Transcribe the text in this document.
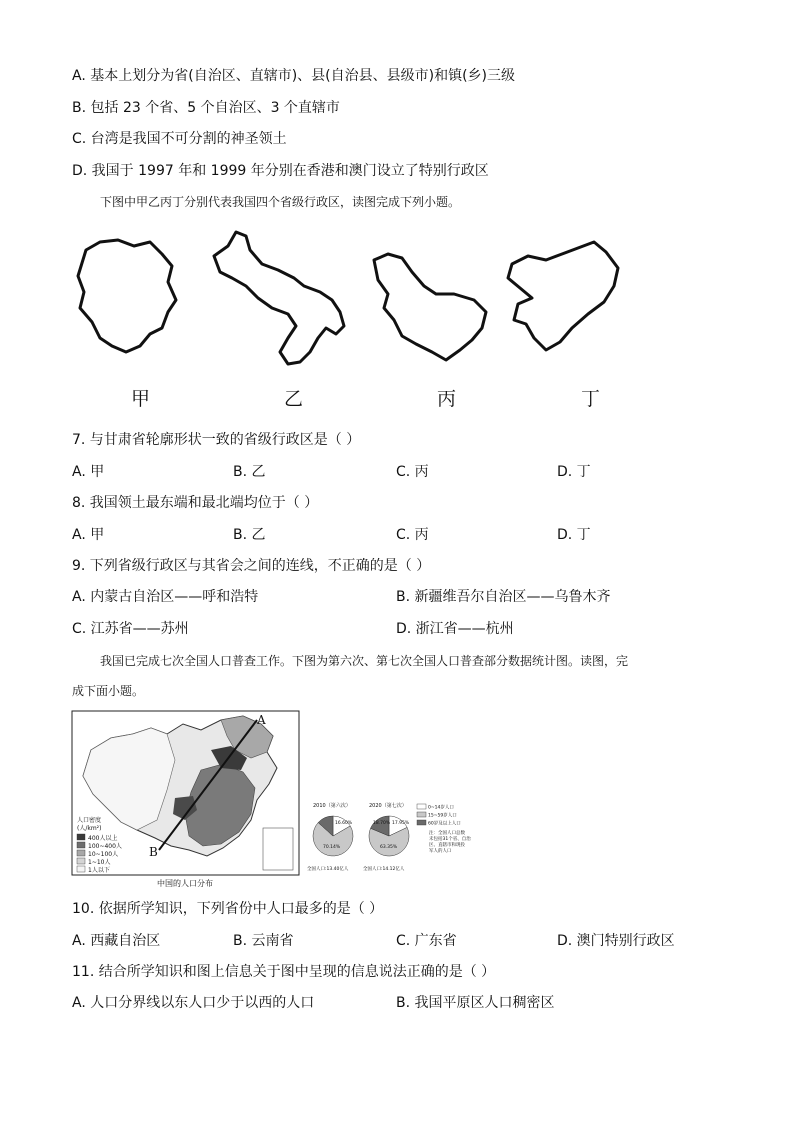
A. 基本上划分为省(自治区、直辖市)、县(自治县、县级市)和镇(乡)三级
B. 包括 23 个省、5 个自治区、3 个直辖市
C. 台湾是我国不可分割的神圣领土
D. 我国于 1997 年和 1999 年分别在香港和澳门设立了特别行政区
下图中甲乙丙丁分别代表我国四个省级行政区，读图完成下列小题。
甲	乙	丙	丁
7. 与甘肃省轮廓形状一致的省级行政区是（ ）
A. 甲	B. 乙	C. 丙	D. 丁
8. 我国领土最东端和最北端均位于（ ）
A. 甲	B. 乙	C. 丙	D. 丁
9. 下列省级行政区与其省会之间的连线，不正确的是（ ）
A. 内蒙古自治区——呼和浩特	B. 新疆维吾尔自治区——乌鲁木齐
C. 江苏省——苏州	D. 浙江省——杭州
我国已完成七次全国人口普查工作。下图为第六次、第七次全国人口普查部分数据统计图。读图，完
成下面小题。
A
B
人口密度
(人/km²)
400人以上
100~400人
10~100人
1~10人
1人以下
中国的人口分布
2010（第六次）	2020（第七次）
16.60%
70.14%
17.95%
63.35%
18.70%
全国人口:13.40亿人	全国人口:14.12亿人
0~14岁人口
15~59岁人口
60岁及以上人口
注：全国人口总数
未包括31个省、自治
区、直辖市和现役
军人的人口
10. 依据所学知识，下列省份中人口最多的是（ ）
A. 西藏自治区	B. 云南省	C. 广东省	D. 澳门特别行政区
11. 结合所学知识和图上信息关于图中呈现的信息说法正确的是（ ）
A. 人口分界线以东人口少于以西的人口	B. 我国平原区人口稠密区
